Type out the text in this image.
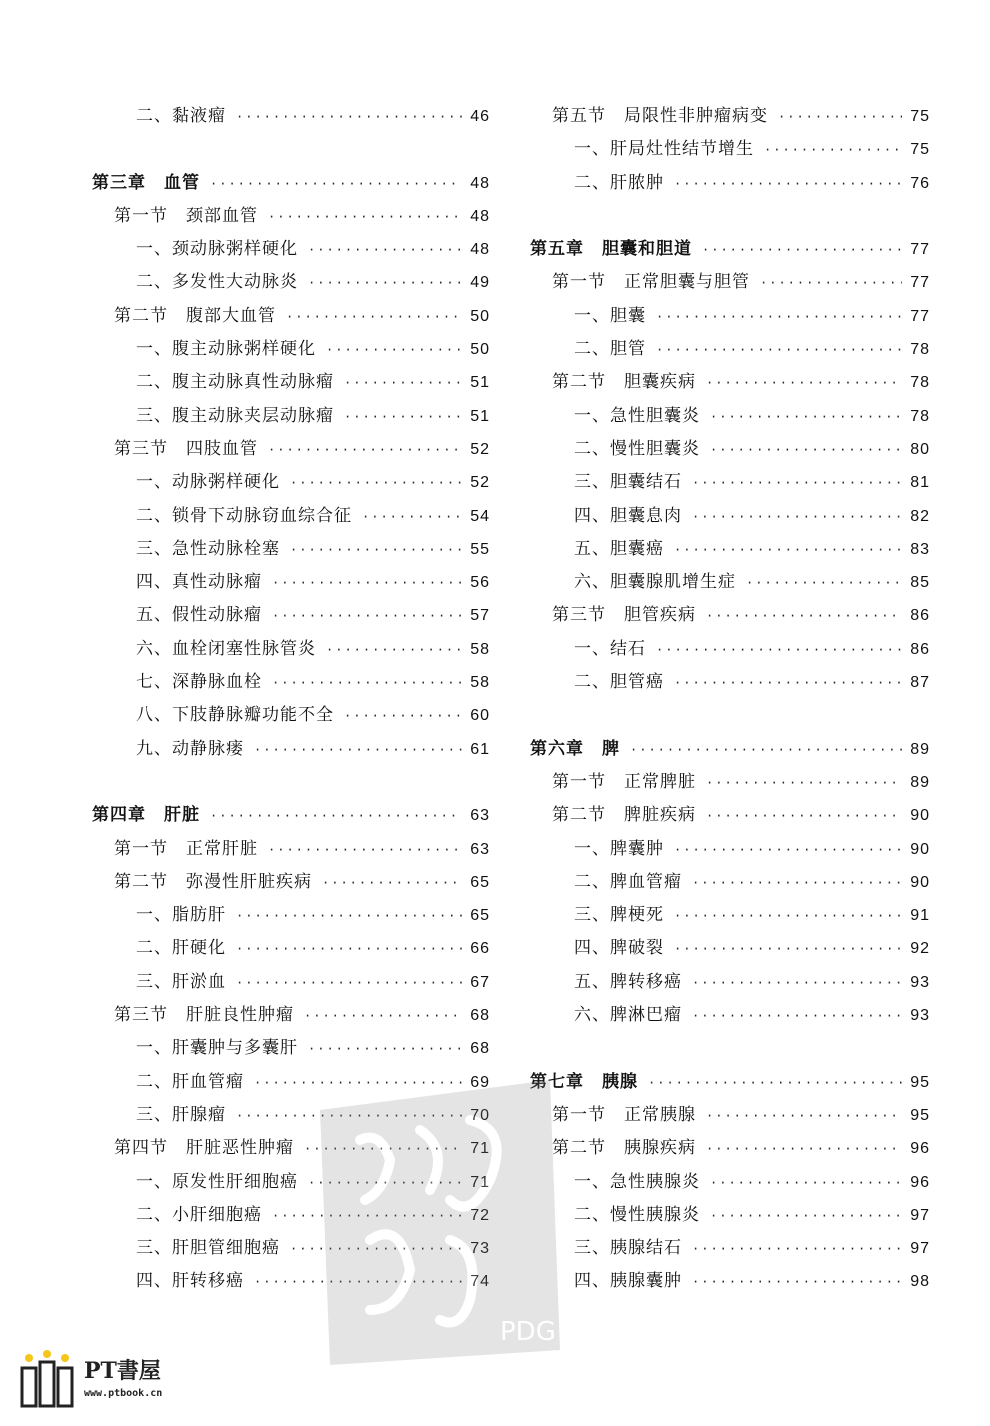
二、黏液瘤 ·····	46
第三章　血管 ·····	48
第一节　颈部血管 ·····	48
一、颈动脉粥样硬化 ·····	48
二、多发性大动脉炎 ·····	49
第二节　腹部大血管 ·····	50
一、腹主动脉粥样硬化 ·····	50
二、腹主动脉真性动脉瘤 ·····	51
三、腹主动脉夹层动脉瘤 ·····	51
第三节　四肢血管 ·····	52
一、动脉粥样硬化 ·····	52
二、锁骨下动脉窃血综合征 ·····	54
三、急性动脉栓塞 ·····	55
四、真性动脉瘤 ·····	56
五、假性动脉瘤 ·····	57
六、血栓闭塞性脉管炎 ·····	58
七、深静脉血栓 ·····	58
八、下肢静脉瓣功能不全 ·····	60
九、动静脉瘘 ·····	61
第四章　肝脏 ·····	63
第一节　正常肝脏 ·····	63
第二节　弥漫性肝脏疾病 ·····	65
一、脂肪肝 ·····	65
二、肝硬化 ·····	66
三、肝淤血 ·····	67
第三节　肝脏良性肿瘤 ·····	68
一、肝囊肿与多囊肝 ·····	68
二、肝血管瘤 ·····	69
三、肝腺瘤 ·····	70
第四节　肝脏恶性肿瘤 ·····	71
一、原发性肝细胞癌 ·····	71
二、小肝细胞癌 ·····	72
三、肝胆管细胞癌 ·····	73
四、肝转移癌 ·····	74
第五节　局限性非肿瘤病变 ·····	75
一、肝局灶性结节增生 ·····	75
二、肝脓肿 ·····	76
第五章　胆囊和胆道 ·····	77
第一节　正常胆囊与胆管 ·····	77
一、胆囊 ·····	77
二、胆管 ·····	78
第二节　胆囊疾病 ·····	78
一、急性胆囊炎 ·····	78
二、慢性胆囊炎 ·····	80
三、胆囊结石 ·····	81
四、胆囊息肉 ·····	82
五、胆囊癌 ·····	83
六、胆囊腺肌增生症 ·····	85
第三节　胆管疾病 ·····	86
一、结石 ·····	86
二、胆管癌 ·····	87
第六章　脾 ·····	89
第一节　正常脾脏 ·····	89
第二节　脾脏疾病 ·····	90
一、脾囊肿 ·····	90
二、脾血管瘤 ·····	90
三、脾梗死 ·····	91
四、脾破裂 ·····	92
五、脾转移癌 ·····	93
六、脾淋巴瘤 ·····	93
第七章　胰腺 ·····	95
第一节　正常胰腺 ·····	95
第二节　胰腺疾病 ·····	96
一、急性胰腺炎 ·····	96
二、慢性胰腺炎 ·····	97
三、胰腺结石 ·····	97
四、胰腺囊肿 ·····	98
PDG
PT書屋
www.ptbook.cn
